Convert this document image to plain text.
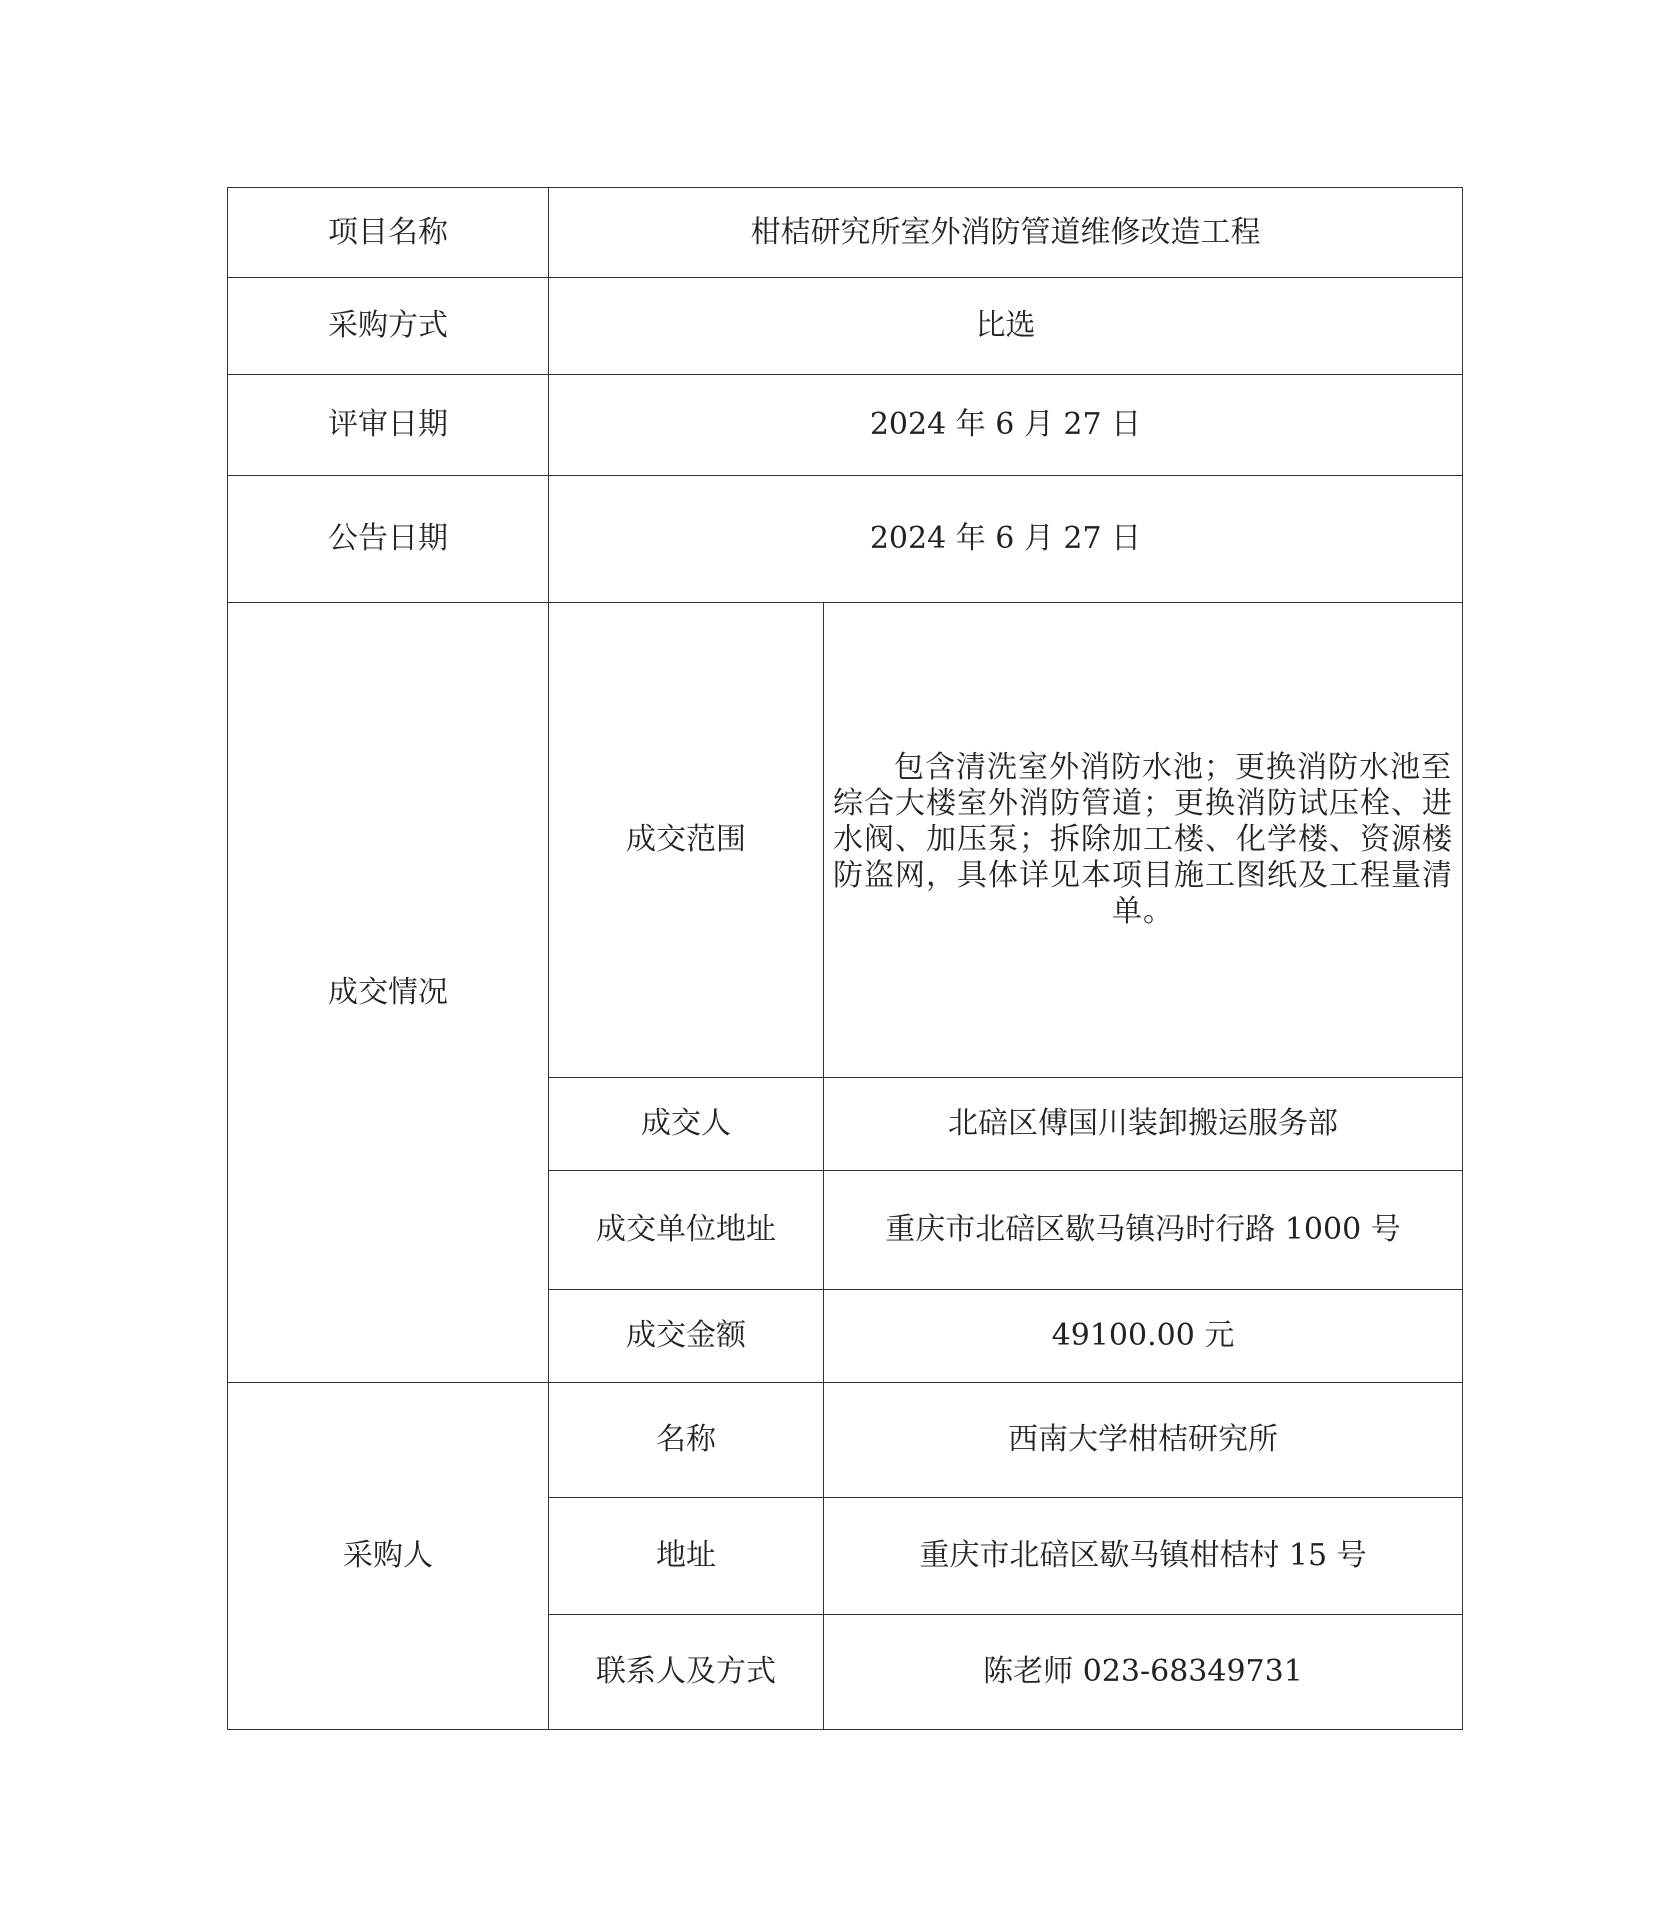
项目名称	柑桔研究所室外消防管道维修改造工程	
采购方式	比选	
评审日期	2024 年 6 月 27 日	
公告日期	2024 年 6 月 27 日	
成交情况	成交范围	包含清洗室外消防水池；更换消防水池至综合大楼室外消防管道；更换消防试压栓、进水阀、加压泵；拆除加工楼、化学楼、资源楼防盗网，具体详见本项目施工图纸及工程量清单。
	成交人	北碚区傅国川装卸搬运服务部
	成交单位地址	重庆市北碚区歇马镇冯时行路 1000 号
	成交金额	49100.00 元
采购人	名称	西南大学柑桔研究所
	地址	重庆市北碚区歇马镇柑桔村 15 号
	联系人及方式	陈老师 023-68349731
